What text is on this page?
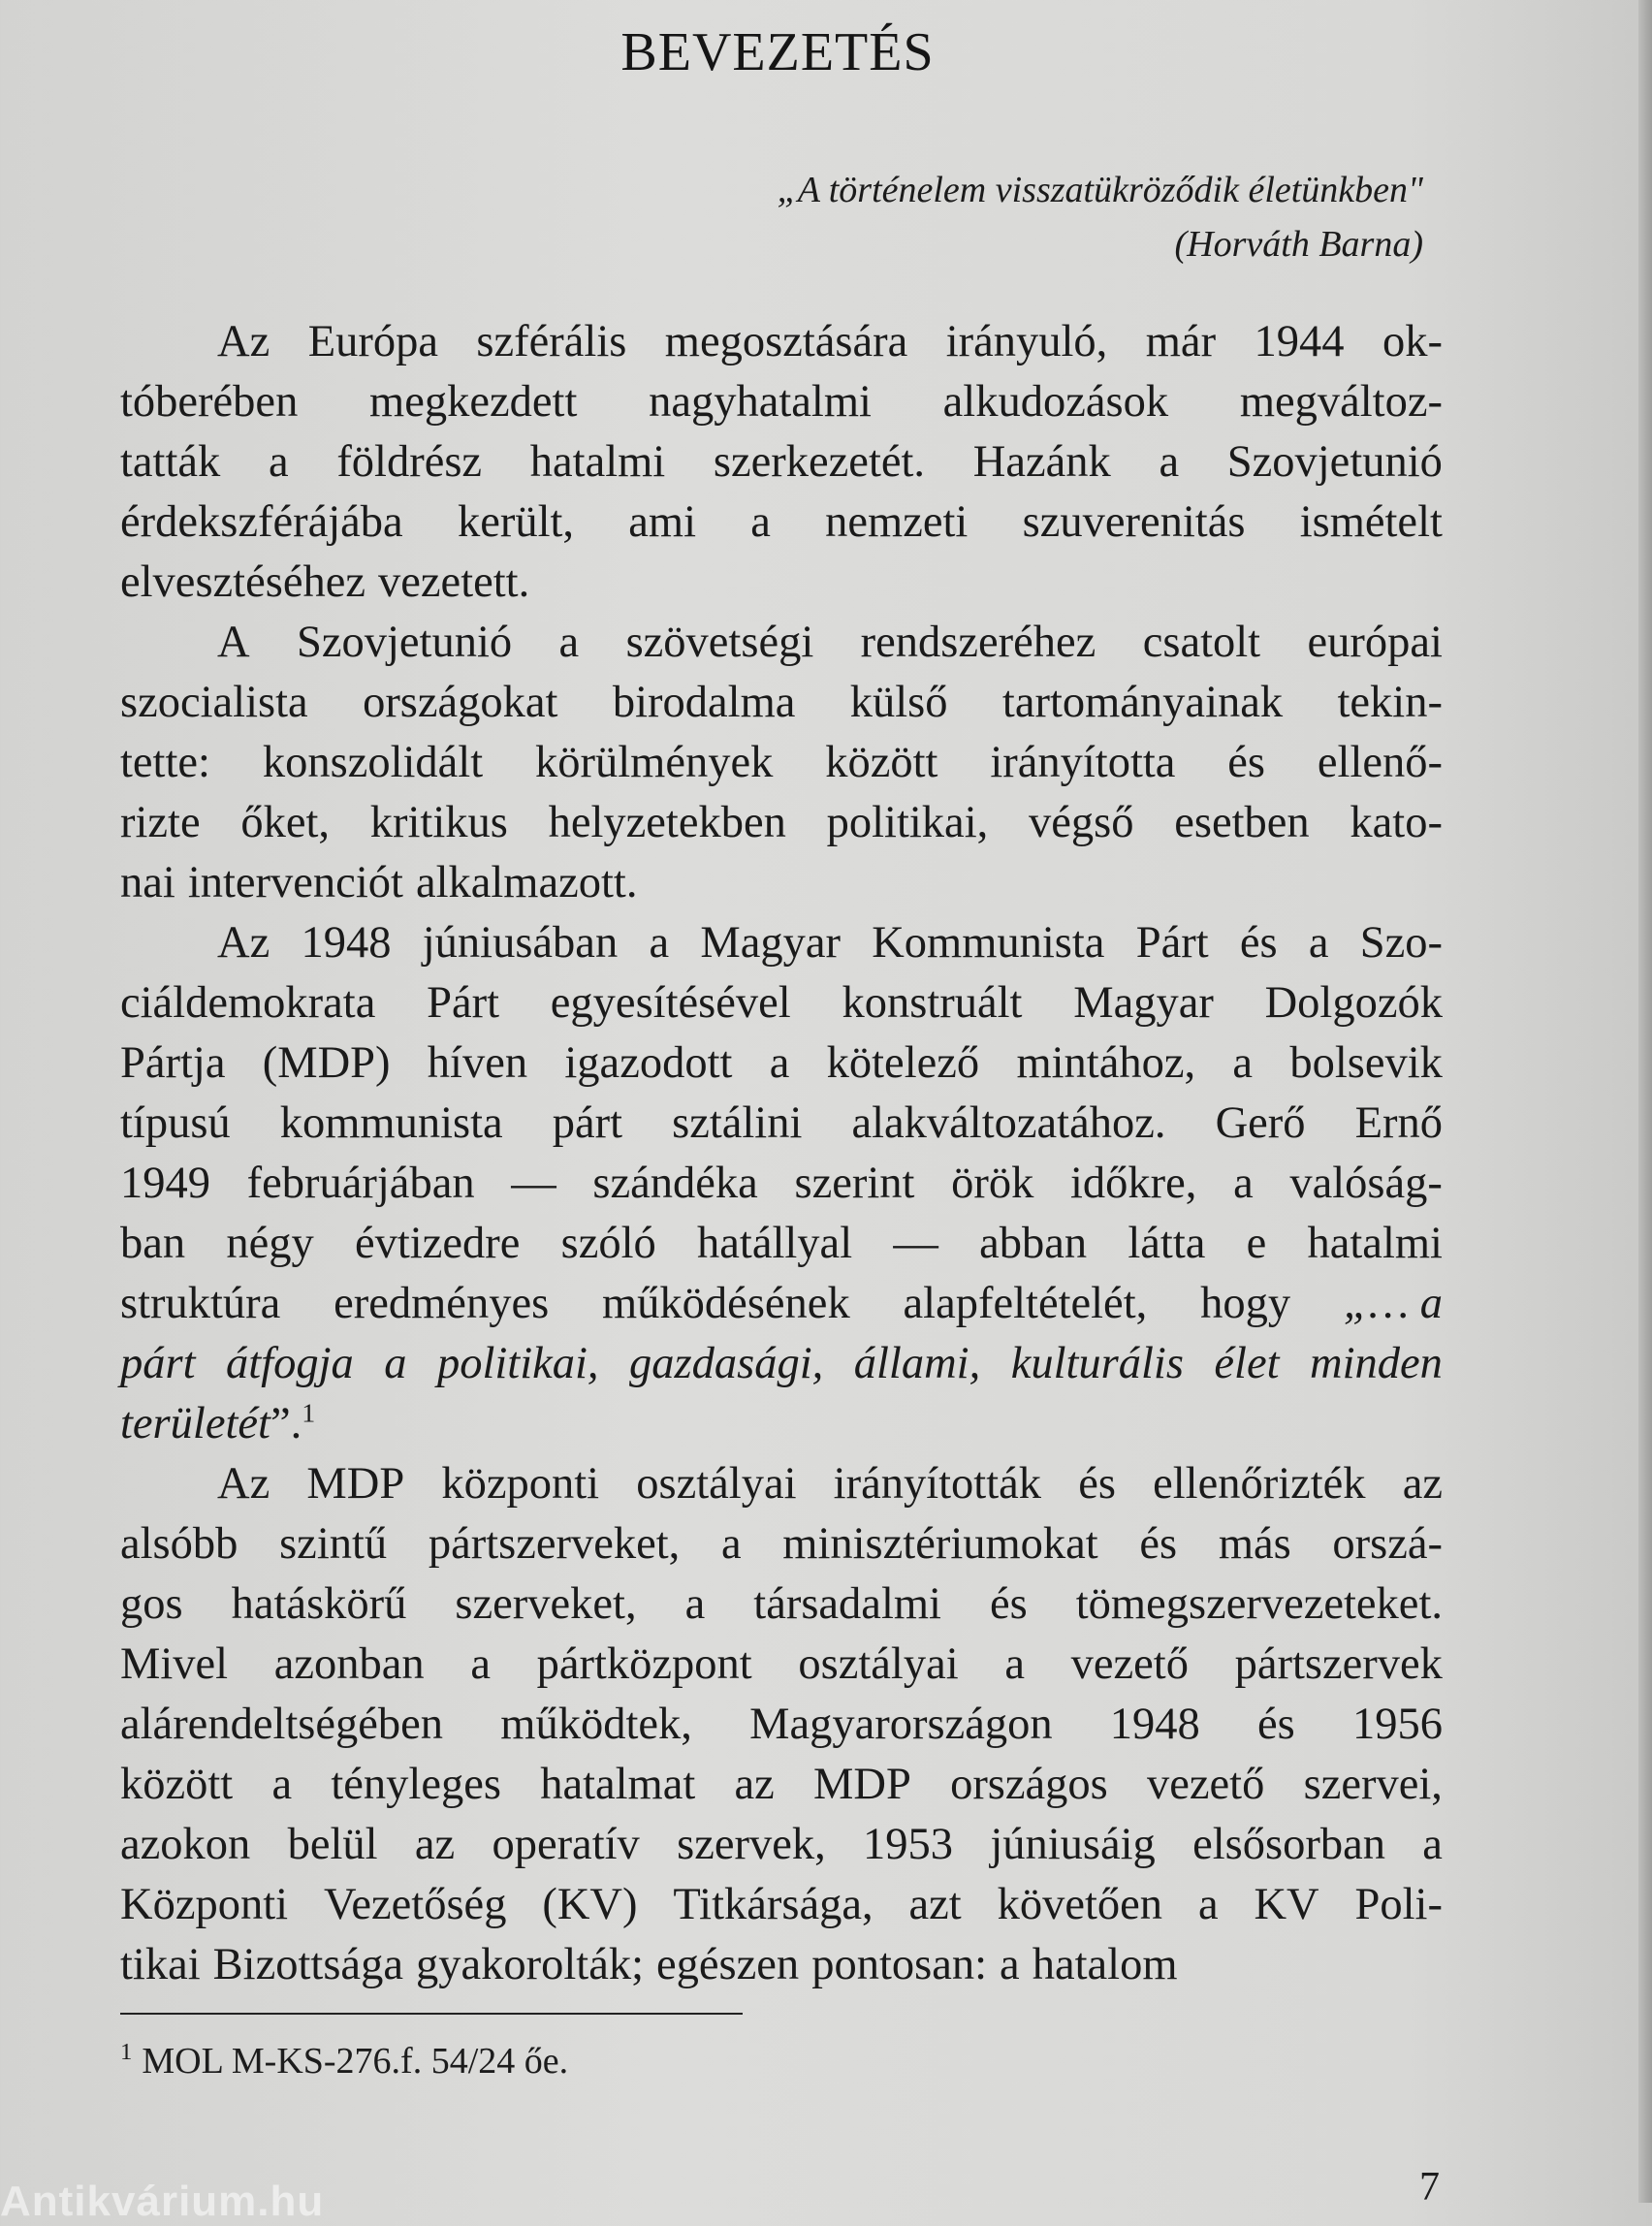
BEVEZETÉS
„A történelem visszatükröződik életünkben"
(Horváth Barna)
Az Európa szférális megosztására irányuló, már 1944 ok-
tóberében megkezdett nagyhatalmi alkudozások megváltoz-
tatták a földrész hatalmi szerkezetét. Hazánk a Szovjetunió
érdekszférájába került, ami a nemzeti szuverenitás ismételt
elvesztéséhez vezetett.
A Szovjetunió a szövetségi rendszeréhez csatolt európai
szocialista országokat birodalma külső tartományainak tekin-
tette: konszolidált körülmények között irányította és ellenő-
rizte őket, kritikus helyzetekben politikai, végső esetben kato-
nai intervenciót alkalmazott.
Az 1948 júniusában a Magyar Kommunista Párt és a Szo-
ciáldemokrata Párt egyesítésével konstruált Magyar Dolgozók
Pártja (MDP) híven igazodott a kötelező mintához, a bolsevik
típusú kommunista párt sztálini alakváltozatához. Gerő Ernő
1949 februárjában — szándéka szerint örök időkre, a valóság-
ban négy évtizedre szóló hatállyal — abban látta e hatalmi
struktúra eredményes működésének alapfeltételét, hogy „… a
párt átfogja a politikai, gazdasági, állami, kulturális élet minden
területét”.$^1$
Az MDP központi osztályai irányították és ellenőrizték az
alsóbb szintű pártszerveket, a minisztériumokat és más orszá-
gos hatáskörű szerveket, a társadalmi és tömegszervezeteket.
Mivel azonban a pártközpont osztályai a vezető pártszervek
alárendeltségében működtek, Magyarországon 1948 és 1956
között a tényleges hatalmat az MDP országos vezető szervei,
azokon belül az operatív szervek, 1953 júniusáig elsősorban a
Központi Vezetőség (KV) Titkársága, azt követően a KV Poli-
tikai Bizottsága gyakorolták; egészen pontosan: a hatalom
$^1$ MOL M-KS-276.f. 54/24 őe.
7
Antikvárium.hu
